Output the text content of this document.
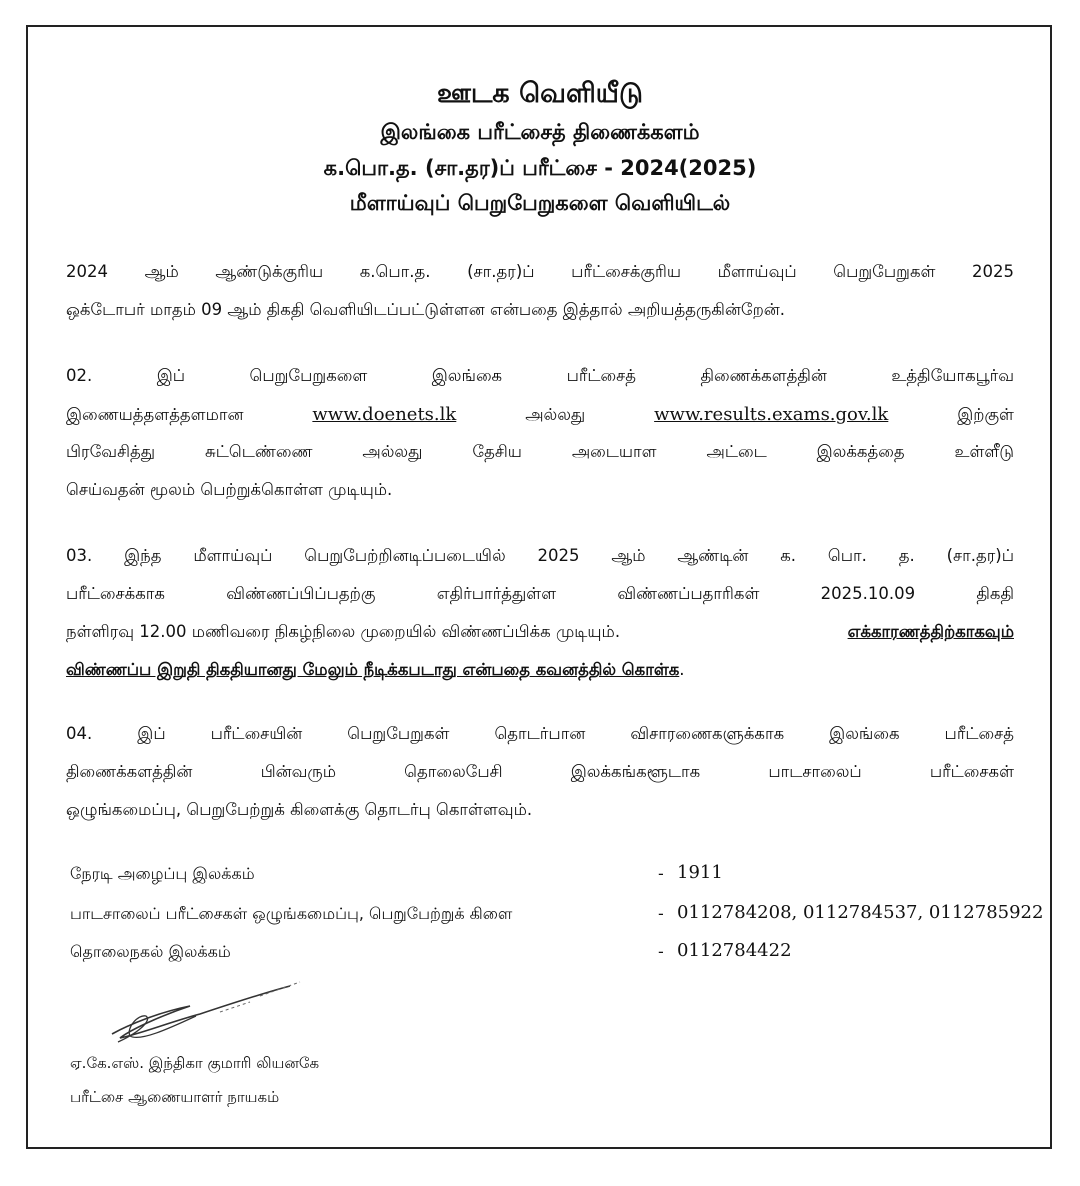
ஊடக வெளியீடு
இலங்கை பரீட்சைத் திணைக்களம்
க.பொ.த. (சா.தர)ப் பரீட்சை - 2024(2025)
மீளாய்வுப் பெறுபேறுகளை வெளியிடல்
2024 ஆம் ஆண்டுக்குரிய க.பொ.த. (சா.தர)ப் பரீட்சைக்குரிய மீளாய்வுப் பெறுபேறுகள் 2025
ஒக்டோபர் மாதம் 09 ஆம் திகதி வெளியிடப்பட்டுள்ளன என்பதை இத்தால் அறியத்தருகின்றேன்.
02. இப் பெறுபேறுகளை இலங்கை பரீட்சைத் திணைக்களத்தின் உத்தியோகபூர்வ
இணையத்தளத்தளமான	www.doenets.lk	அல்லது	www.results.exams.gov.lk	இற்குள்
பிரவேசித்து சுட்டெண்ணை அல்லது தேசிய அடையாள அட்டை இலக்கத்தை உள்ளீடு
செய்வதன் மூலம் பெற்றுக்கொள்ள முடியும்.
03. இந்த மீளாய்வுப் பெறுபேற்றினடிப்படையில் 2025 ஆம் ஆண்டின் க. பொ. த. (சா.தர)ப்
பரீட்சைக்காக விண்ணப்பிப்பதற்கு எதிர்பார்த்துள்ள விண்ணப்பதாரிகள் 2025.10.09 திகதி
நள்ளிரவு 12.00 மணிவரை நிகழ்நிலை முறையில் விண்ணப்பிக்க முடியும்.	எக்காரணத்திற்காகவும்
விண்ணப்ப இறுதி திகதியானது மேலும் நீடிக்கபடாது என்பதை கவனத்தில் கொள்க.
04. இப் பரீட்சையின் பெறுபேறுகள் தொடர்பான விசாரணைகளுக்காக இலங்கை பரீட்சைத்
திணைக்களத்தின் பின்வரும் தொலைபேசி இலக்கங்களூடாக பாடசாலைப் பரீட்சைகள்
ஒழுங்கமைப்பு, பெறுபேற்றுக் கிளைக்கு தொடர்பு கொள்ளவும்.
நேரடி அழைப்பு இலக்கம்	- 1911
பாடசாலைப் பரீட்சைகள் ஒழுங்கமைப்பு, பெறுபேற்றுக் கிளை	- 0112784208, 0112784537, 0112785922
தொலைநகல் இலக்கம்	- 0112784422
ஏ.கே.எஸ். இந்திகா குமாரி லியனகே
பரீட்சை ஆணையாளர் நாயகம்
